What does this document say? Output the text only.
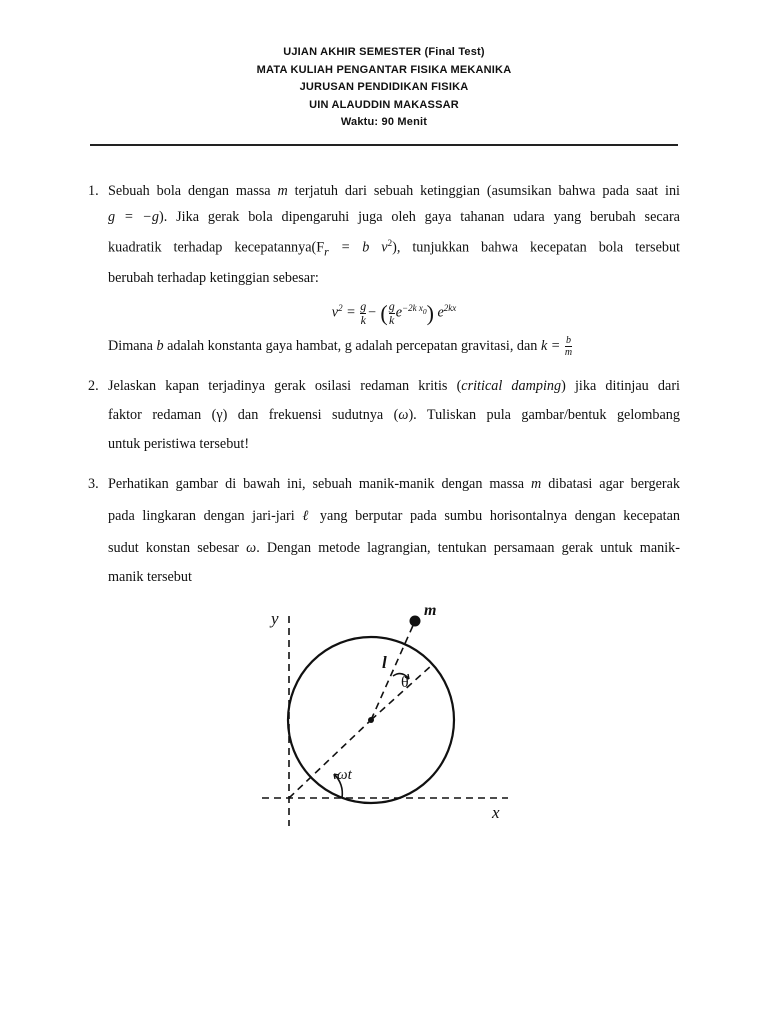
UJIAN AKHIR SEMESTER (Final Test)
MATA KULIAH PENGANTAR FISIKA MEKANIKA
JURUSAN PENDIDIKAN FISIKA
UIN ALAUDDIN MAKASSAR
Waktu: 90 Menit
1. Sebuah bola dengan massa m terjatuh dari sebuah ketinggian (asumsikan bahwa pada saat ini
g = −g). Jika gerak bola dipengaruhi juga oleh gaya tahanan udara yang berubah secara
kuadratik terhadap $kecepatannya(F_r = b$ $v^2$), tunjukkan bahwa kecepatan bola tersebut
berubah terhadap ketinggian sebesar:
$v^2 = \frac{g}{k}$ − ( $\frac{g}{k} e^{-2k x_0}$) $e^{2kx}$
Dimana b adalah konstanta gaya hambat, g adalah percepatan gravitasi, dan $k = \frac{b}{m}$
2. Jelaskan kapan terjadinya gerak osilasi redaman kritis (critical damping) jika ditinjau dari
faktor redaman (γ) dan frekuensi sudutnya (ω). Tuliskan pula gambar/bentuk gelombang
untuk peristiwa tersebut!
3. Perhatikan gambar di bawah ini, sebuah manik-manik dengan massa m dibatasi agar bergerak
pada lingkaran dengan jari-jari ℓ yang berputar pada sumbu horisontalnya dengan kecepatan
sudut konstan sebesar ω. Dengan metode lagrangian, tentukan persamaan gerak untuk manik-
manik tersebut
y
x
m
l
θ
ωt
